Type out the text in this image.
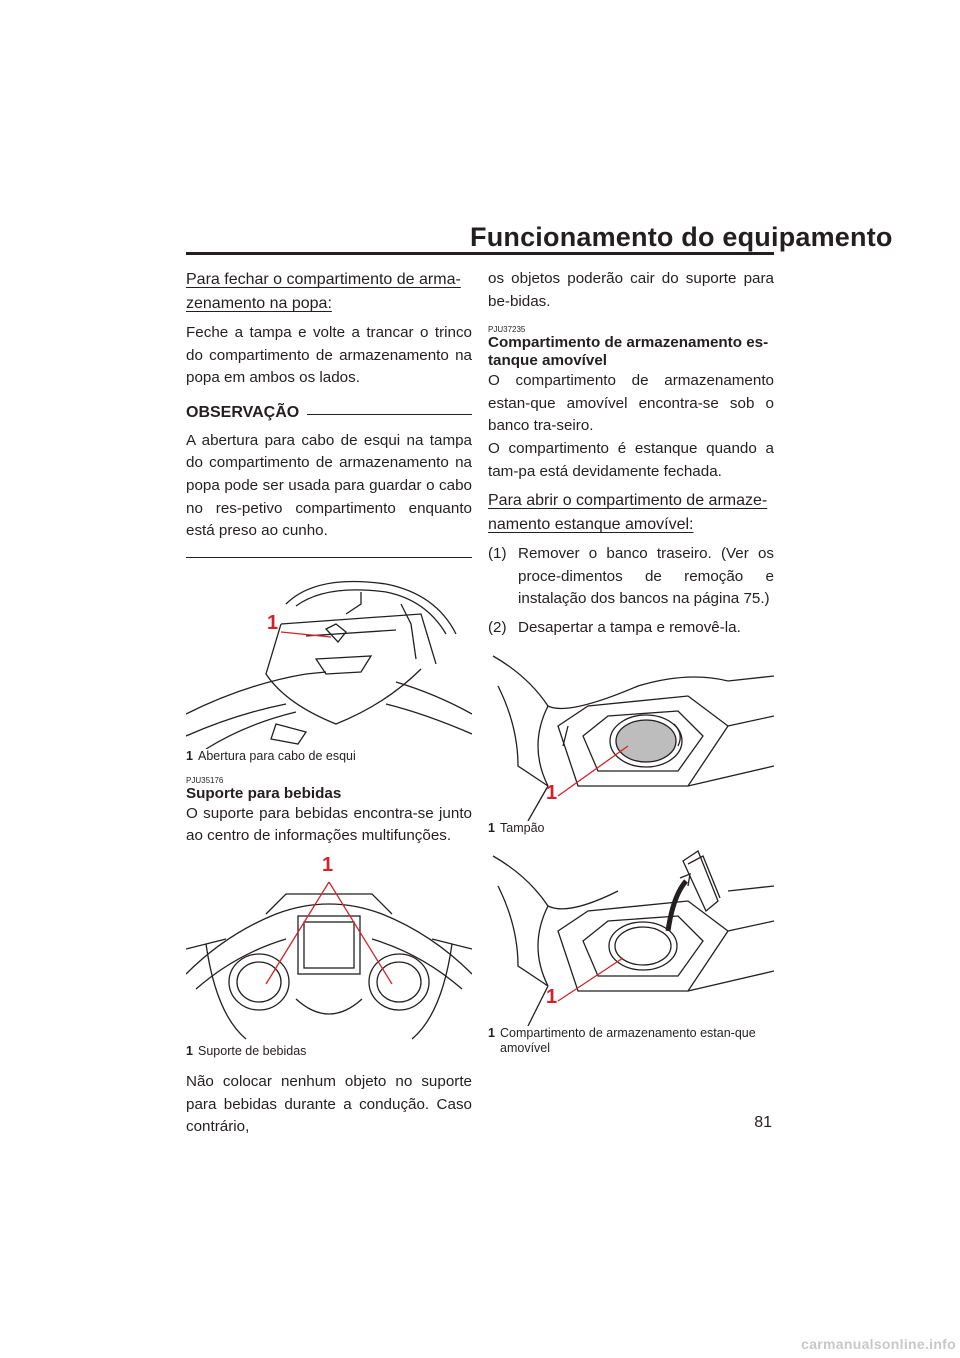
Funcionamento do equipamento
Para fechar o compartimento de arma-zenamento na popa:

Feche a tampa e volte a trancar o trinco do compartimento de armazenamento na popa em ambos os lados.

OBSERVAÇÃO

A abertura para cabo de esqui na tampa do compartimento de armazenamento na popa pode ser usada para guardar o cabo no res-petivo compartimento enquanto está preso ao cunho.

1
1 Abertura para cabo de esqui
PJU35176
Suporte para bebidas

O suporte para bebidas encontra-se junto ao centro de informações multifunções.

1
1 Suporte de bebidas

Não colocar nenhum objeto no suporte para bebidas durante a condução. Caso contrário,

os objetos poderão cair do suporte para be-bidas.

PJU37235
Compartimento de armazenamento es-tanque amovível

O compartimento de armazenamento estan-que amovível encontra-se sob o banco tra-seiro.

O compartimento é estanque quando a tam-pa está devidamente fechada.

Para abrir o compartimento de armaze-namento estanque amovível:
(1) Remover o banco traseiro. (Ver os proce-dimentos de remoção e instalação dos bancos na página 75.)
(2) Desapertar a tampa e removê-la.
1
1 Tampão
1
1 Compartimento de armazenamento estan-que amovível
81
carmanualsonline.info
